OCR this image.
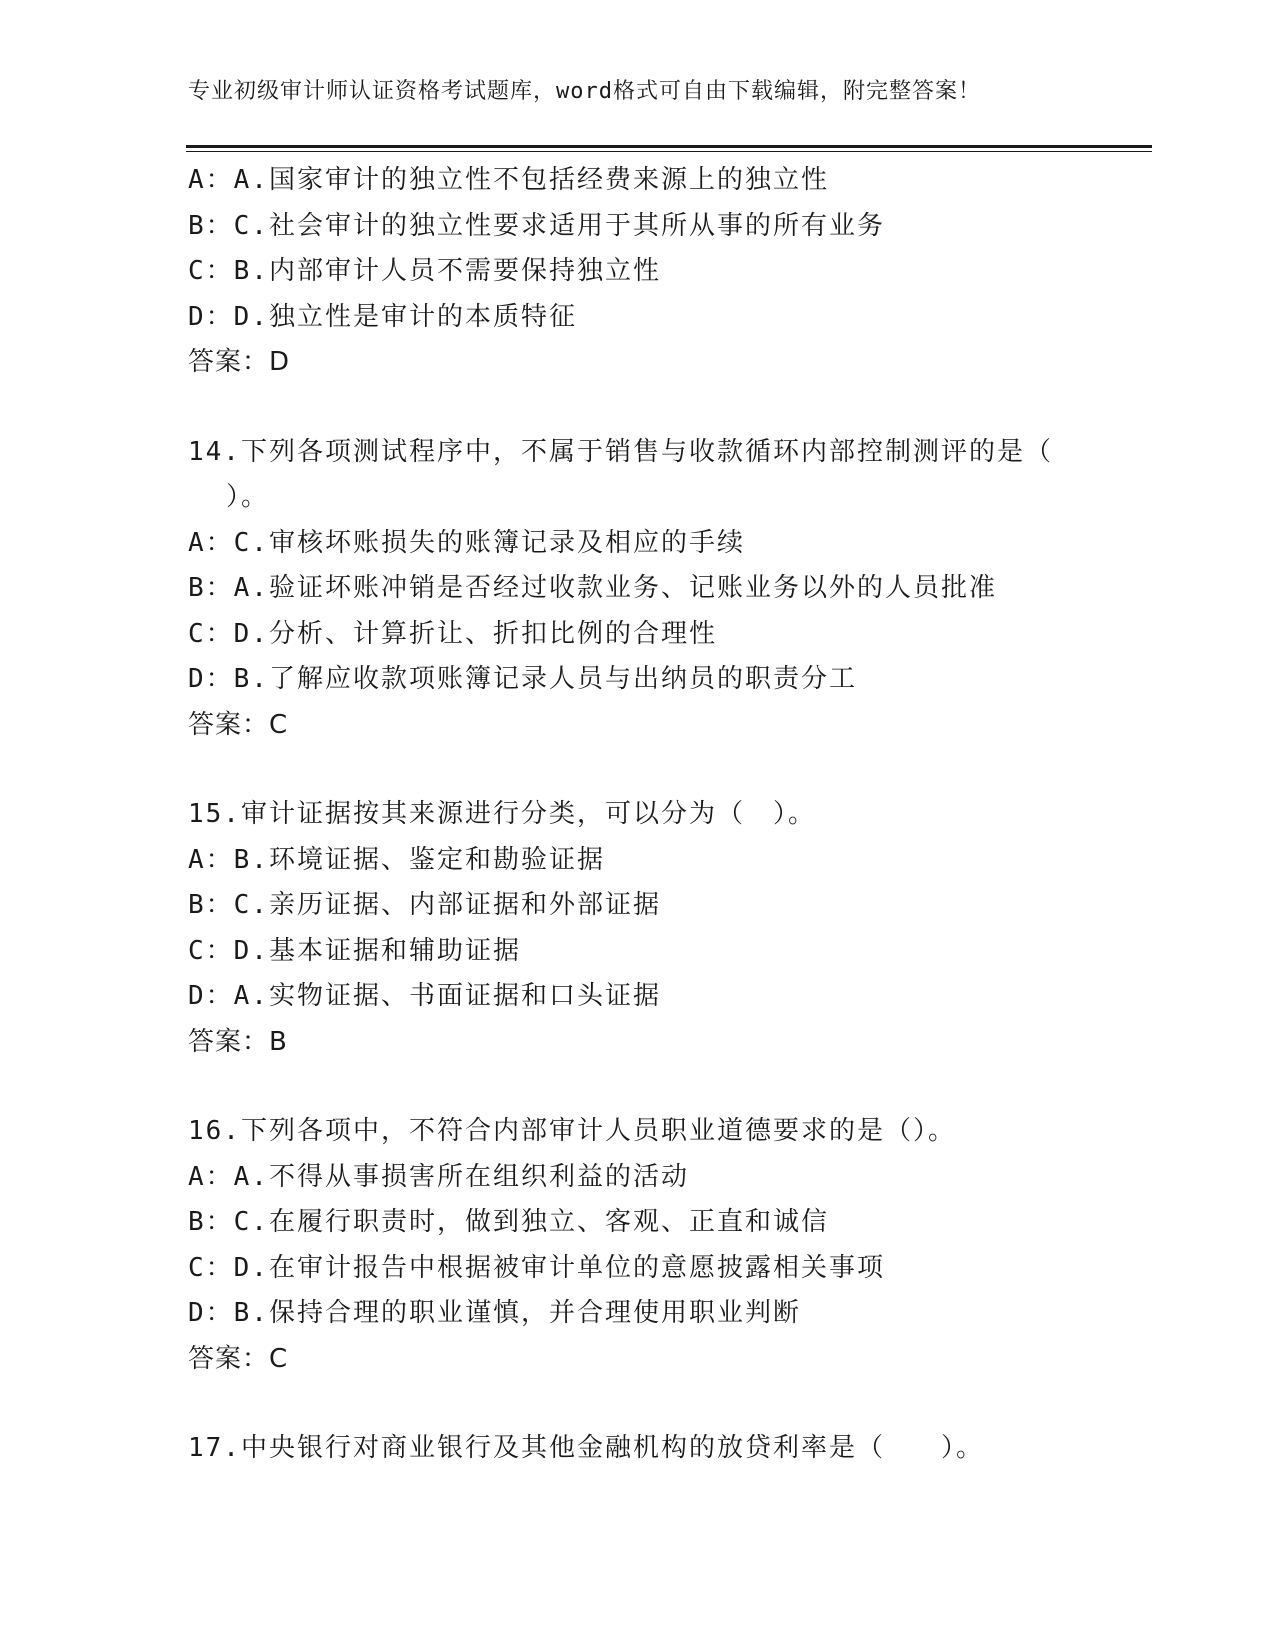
专业初级审计师认证资格考试题库，word格式可自由下载编辑，附完整答案！
A：A.国家审计的独立性不包括经费来源上的独立性
B：C.社会审计的独立性要求适用于其所从事的所有业务
C：B.内部审计人员不需要保持独立性
D：D.独立性是审计的本质特征
答案：D
14.下列各项测试程序中，不属于销售与收款循环内部控制测评的是（
）。
A：C.审核坏账损失的账簿记录及相应的手续
B：A.验证坏账冲销是否经过收款业务、记账业务以外的人员批准
C：D.分析、计算折让、折扣比例的合理性
D：B.了解应收款项账簿记录人员与出纳员的职责分工
答案：C
15.审计证据按其来源进行分类，可以分为（　）。
A：B.环境证据、鉴定和勘验证据
B：C.亲历证据、内部证据和外部证据
C：D.基本证据和辅助证据
D：A.实物证据、书面证据和口头证据
答案：B
16.下列各项中，不符合内部审计人员职业道德要求的是（）。
A：A.不得从事损害所在组织利益的活动
B：C.在履行职责时，做到独立、客观、正直和诚信
C：D.在审计报告中根据被审计单位的意愿披露相关事项
D：B.保持合理的职业谨慎，并合理使用职业判断
答案：C
17.中央银行对商业银行及其他金融机构的放贷利率是（　　）。
